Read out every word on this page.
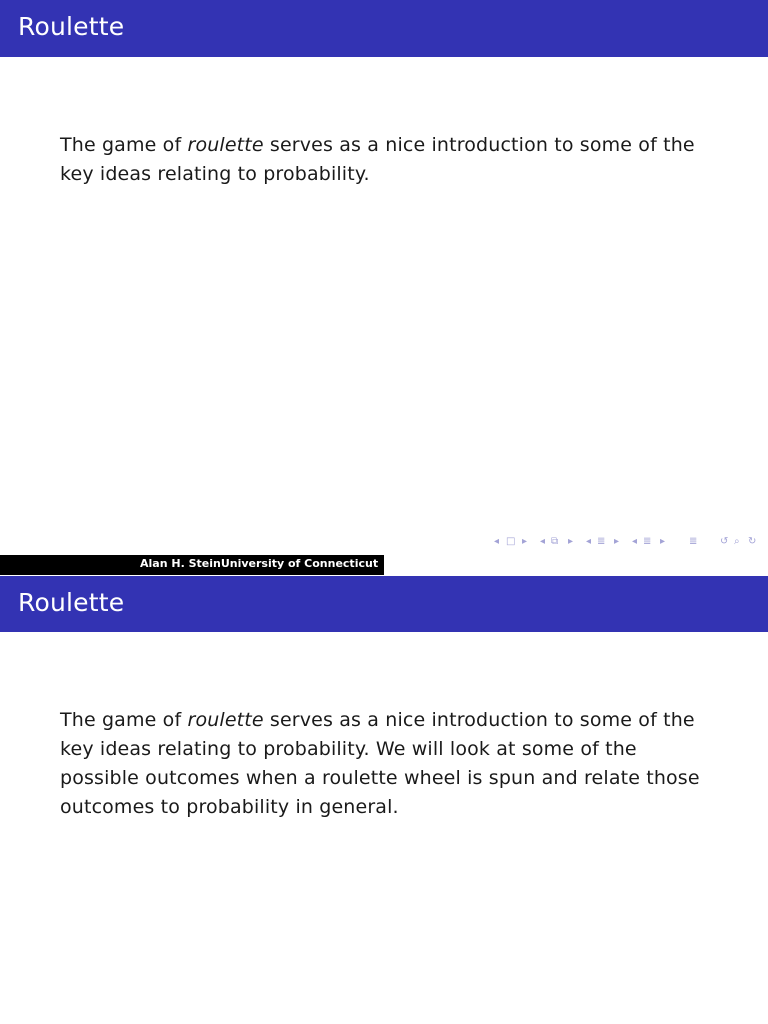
Roulette
The game of roulette serves as a nice introduction to some of the key ideas relating to probability.
◂ □ ▸ ◂ ⧉ ▸ ◂ ≣ ▸ ◂ ≣ ▸ ≣ ↺ ⌕ ↻
Alan H. SteinUniversity of Connecticut
Roulette
The game of roulette serves as a nice introduction to some of the key ideas relating to probability. We will look at some of the possible outcomes when a roulette wheel is spun and relate those outcomes to probability in general.
